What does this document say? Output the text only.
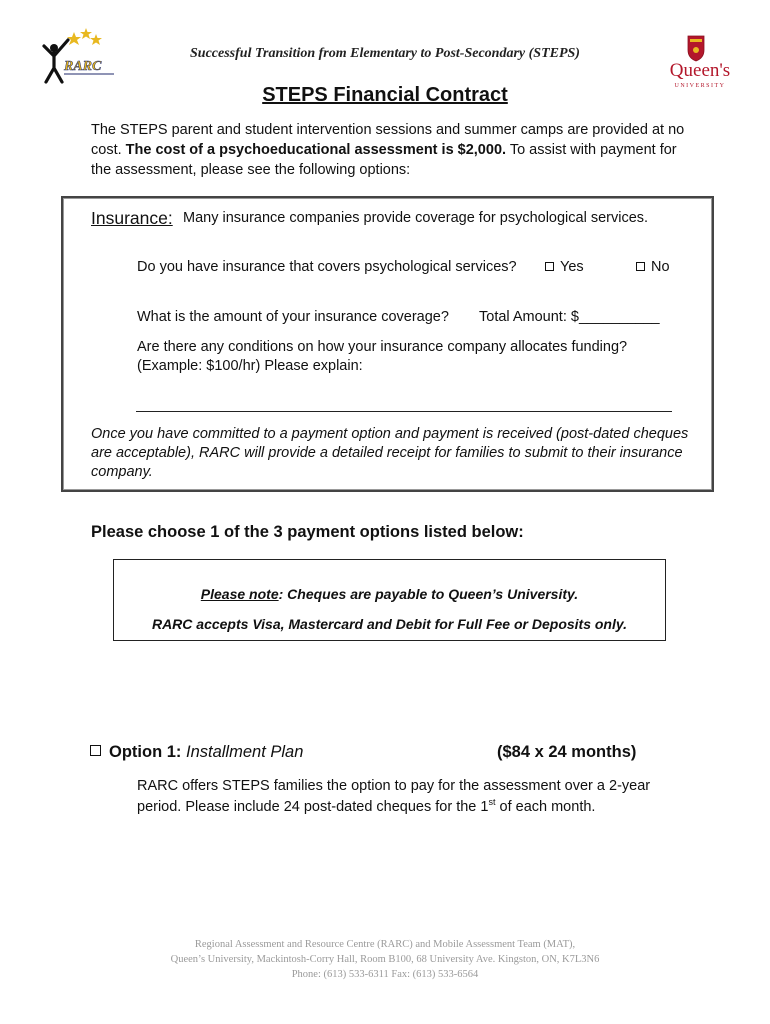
Successful Transition from Elementary to Post-Secondary (STEPS)
RARC	Queen's
UNIVERSITY
STEPS Financial Contract
The STEPS parent and student intervention sessions and summer camps are provided at no cost. The cost of a psychoeducational assessment is $2,000. To assist with payment for the assessment, please see the following options:
Insurance: Many insurance companies provide coverage for psychological services.
Do you have insurance that covers psychological services?	Yes	No
What is the amount of your insurance coverage? Total Amount: $__________
Are there any conditions on how your insurance company allocates funding?
(Example: $100/hr) Please explain:
Once you have committed to a payment option and payment is received (post-dated cheques are acceptable), RARC will provide a detailed receipt for families to submit to their insurance company.
Please choose 1 of the 3 payment options listed below:
Please note: Cheques are payable to Queen’s University.
RARC accepts Visa, Mastercard and Debit for Full Fee or Deposits only.
Option 1: Installment Plan	($84 x 24 months)
RARC offers STEPS families the option to pay for the assessment over a 2-year period. Please include 24 post-dated cheques for the 1st of each month.
Regional Assessment and Resource Centre (RARC) and Mobile Assessment Team (MAT),
Queen’s University, Mackintosh-Corry Hall, Room B100, 68 University Ave. Kingston, ON, K7L3N6
Phone: (613) 533-6311 Fax: (613) 533-6564
